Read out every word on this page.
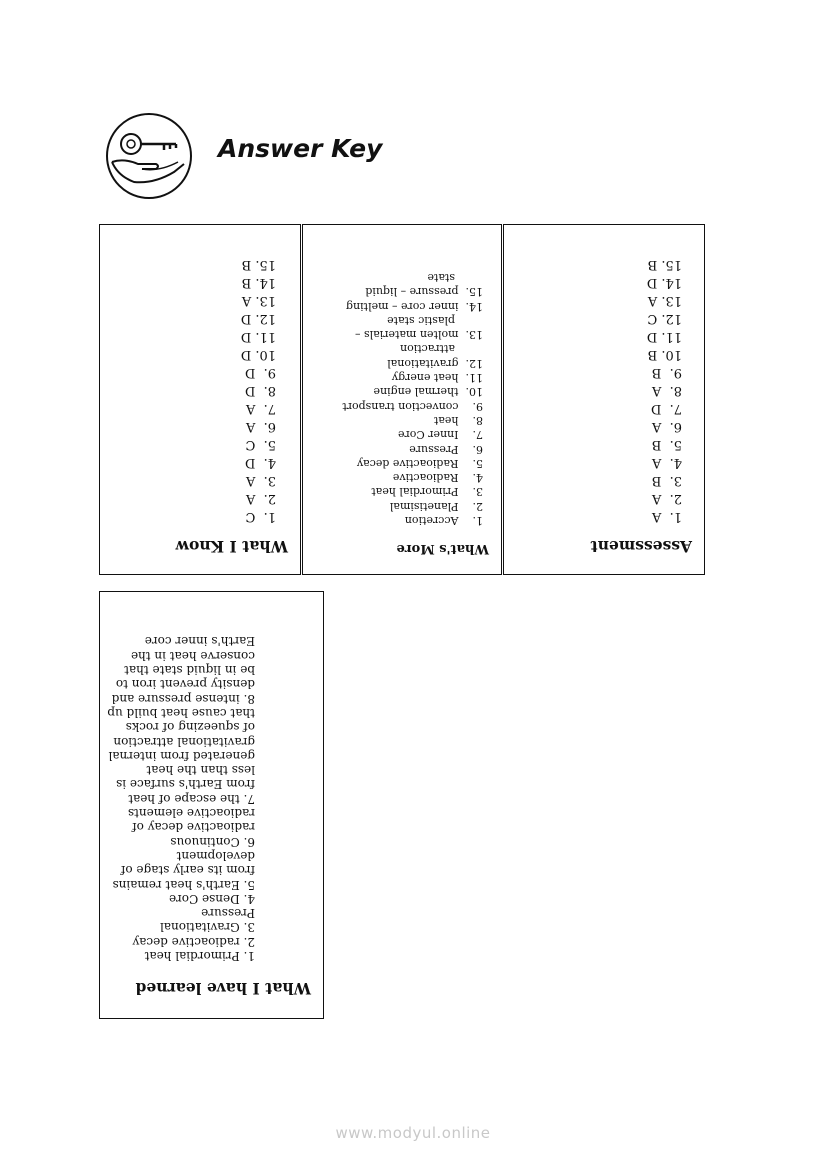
Answer Key
What I Know
1.  C
2.  A
3.  A
4.  D
5.  C
6.  A
7.  A
8.  D
9.  D
10. D
11. D
12. D
13. A
14. B
15. B
What's More
1.    Accretion
2.    Planetisimal
3.    Primordial heat
4.    Radioactive
5.    Radioactive decay
6.    Pressure
7.    Inner Core
8.    heat
9.    convection transport
10.  thermal engine
11.  heat energy
12.  gravitational
attraction
13.  molten materials –
plastic state
14.  inner core – melting
15.  pressure – liquid
state
Assessment
1.  A
2.  A
3.  B
4.  A
5.  B
6.  A
7.  D
8.  A
9.  B
10. B
11. D
12. C
13. A
14. D
15. B
What I have learned
1. Primordial heat
2. radioactive decay
3. Gravitational
Pressure
4. Dense Core
5. Earth's heat remains
from its early stage of
development
6. Continuous
radioactive decay of
radioactive elements
7. the escape of heat
from Earth's surface is
less than the heat
generated from internal
gravitational attraction
of squeezing of rocks
that cause heat build up
8. intense pressure and
density prevent iron to
be in liquid state that
conserve heat in the
Earth's inner core
www.modyul.online
